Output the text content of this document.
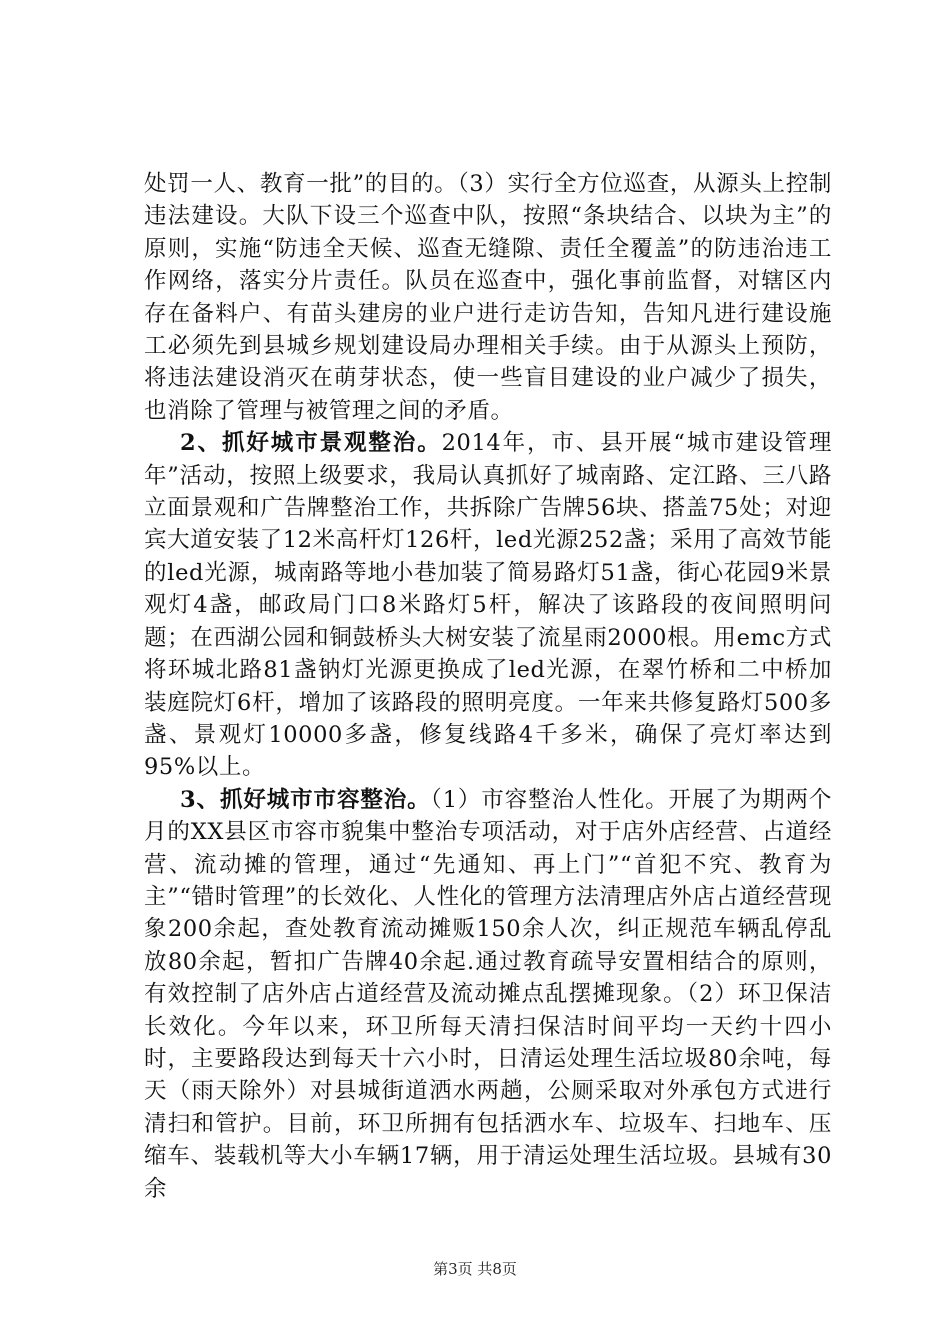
处罚一人、教育一批”的目的。（3）实行全方位巡查，从源头上控制违法建设。大队下设三个巡查中队，按照“条块结合、以块为主”的原则，实施“防违全天候、巡查无缝隙、责任全覆盖”的防违治违工作网络，落实分片责任。队员在巡查中，强化事前监督，对辖区内存在备料户、有苗头建房的业户进行走访告知，告知凡进行建设施工必须先到县城乡规划建设局办理相关手续。由于从源头上预防，将违法建设消灭在萌芽状态，使一些盲目建设的业户减少了损失，也消除了管理与被管理之间的矛盾。

2、抓好城市景观整治。2014年，市、县开展“城市建设管理年”活动，按照上级要求，我局认真抓好了城南路、定江路、三八路立面景观和广告牌整治工作，共拆除广告牌56块、搭盖75处；对迎宾大道安装了12米高杆灯126杆，led光源252盏；采用了高效节能的led光源，城南路等地小巷加装了简易路灯51盏，街心花园9米景观灯4盏，邮政局门口8米路灯5杆，解决了该路段的夜间照明问题；在西湖公园和铜鼓桥头大树安装了流星雨2000根。用emc方式将环城北路81盏钠灯光源更换成了led光源，在翠竹桥和二中桥加装庭院灯6杆，增加了该路段的照明亮度。一年来共修复路灯500多盏、景观灯10000多盏，修复线路4千多米，确保了亮灯率达到95%以上。

3、抓好城市市容整治。（1）市容整治人性化。开展了为期两个月的XX县区市容市貌集中整治专项活动，对于店外店经营、占道经营、流动摊的管理，通过“先通知、再上门”“首犯不究、教育为主”“错时管理”的长效化、人性化的管理方法清理店外店占道经营现象200余起，查处教育流动摊贩150余人次，纠正规范车辆乱停乱放80余起，暂扣广告牌40余起.通过教育疏导安置相结合的原则，有效控制了店外店占道经营及流动摊点乱摆摊现象。（2）环卫保洁长效化。今年以来，环卫所每天清扫保洁时间平均一天约十四小时，主要路段达到每天十六小时，日清运处理生活垃圾80余吨，每天（雨天除外）对县城街道洒水两趟，公厕采取对外承包方式进行清扫和管护。目前，环卫所拥有包括洒水车、垃圾车、扫地车、压缩车、装载机等大小车辆17辆，用于清运处理生活垃圾。县城有30余

第3页 共8页
